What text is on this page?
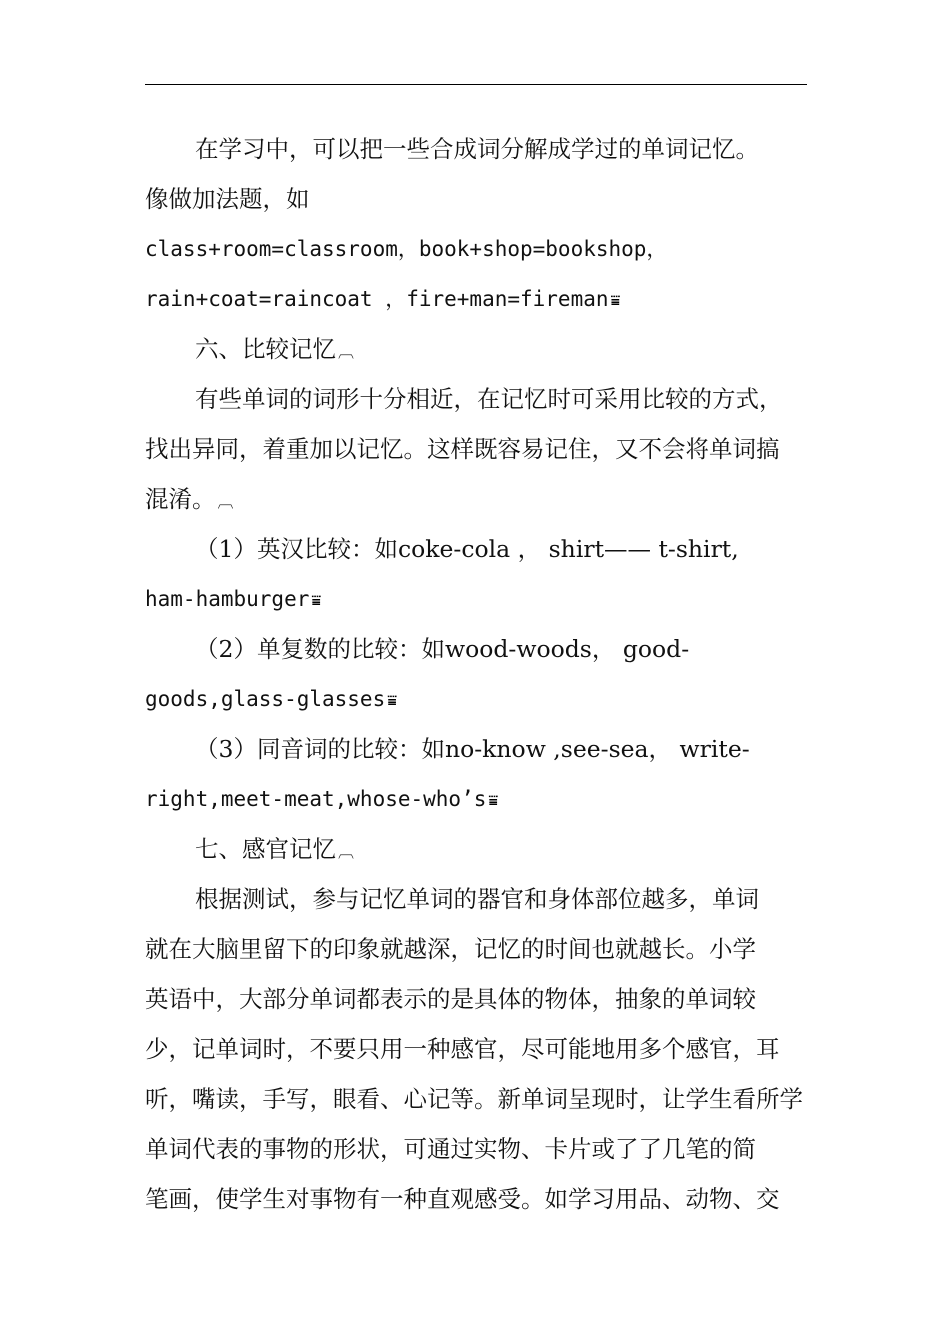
在学习中，可以把一些合成词分解成学过的单词记忆。
像做加法题，如
class+room=classroom，book+shop=bookshop，
rain+coat=raincoat ，fire+man=fireman ⩸
六、比较记忆 ︹
有些单词的词形十分相近，在记忆时可采用比较的方式，
找出异同，着重加以记忆。这样既容易记住，又不会将单词搞
混淆。 ︹
（1）英汉比较：如coke-cola ， shirt—— t-shirt,
ham-hamburger ⩸
（2）单复数的比较：如wood-woods， good-
goods,glass-glasses ⩸
（3）同音词的比较：如no-know ,see-sea， write-
right,meet-meat,whose-who’s ⩸
七、感官记忆 ︹
根据测试，参与记忆单词的器官和身体部位越多，单词
就在大脑里留下的印象就越深，记忆的时间也就越长。小学
英语中，大部分单词都表示的是具体的物体，抽象的单词较
少，记单词时，不要只用一种感官，尽可能地用多个感官，耳
听，嘴读，手写，眼看、心记等。新单词呈现时，让学生看所学
单词代表的事物的形状，可通过实物、卡片或了了几笔的简
笔画，使学生对事物有一种直观感受。如学习用品、动物、交
